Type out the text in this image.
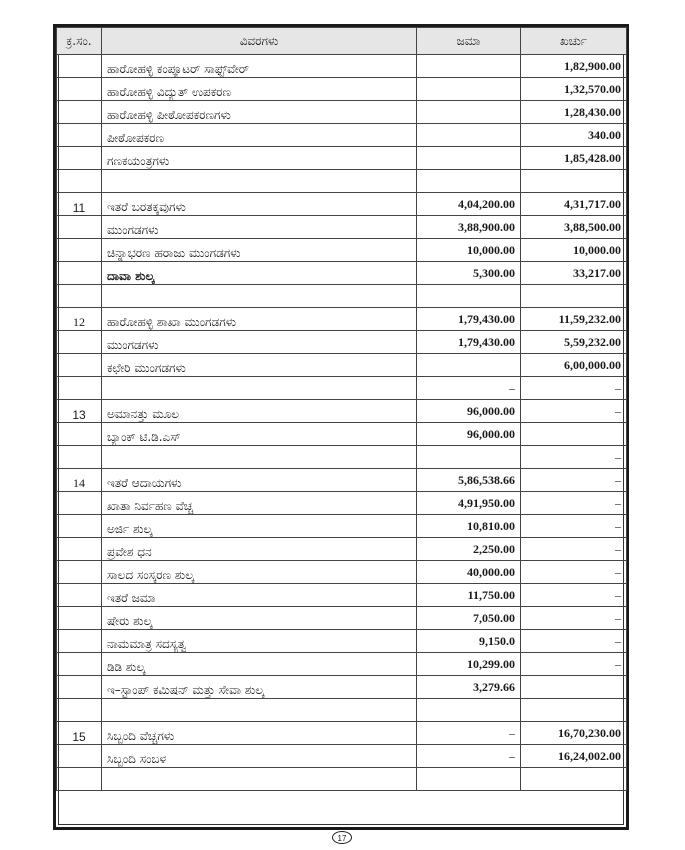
ಕ್ರ.ಸಂ.	ವಿವರಗಳು	ಜಮಾ	ಖರ್ಚು
	ಹಾರೋಹಳ್ಳಿ ಕಂಪ್ಯೂಟರ್ ಸಾಫ್ಟ್‌ವೇರ್		1,82,900.00
	ಹಾರೋಹಳ್ಳಿ ವಿದ್ಯುತ್ ಉಪಕರಣ		1,32,570.00
	ಹಾರೋಹಳ್ಳಿ ಪೀಠೋಪಕರಣಗಳು		1,28,430.00
	ಪೀಠೋಪಕರಣ		340.00
	ಗಣಕಯಂತ್ರಗಳು		1,85,428.00

11	ಇತರೆ ಬರತಕ್ಕವುಗಳು	4,04,200.00	4,31,717.00
	ಮುಂಗಡಗಳು	3,88,900.00	3,88,500.00
	ಚಿನ್ನಾಭರಣ ಹರಾಜು ಮುಂಗಡಗಳು	10,000.00	10,000.00
	ದಾವಾ ಶುಲ್ಕ	5,300.00	33,217.00

12	ಹಾರೋಹಳ್ಳಿ ಶಾಖಾ ಮುಂಗಡಗಳು	1,79,430.00	11,59,232.00
	ಮುಂಗಡಗಳು	1,79,430.00	5,59,232.00
	ಕಛೇರಿ ಮುಂಗಡಗಳು		6,00,000.00
		–	–
13	ಅಮಾನತ್ತು ಮೂಲ	96,000.00	–
	ಬ್ಯಾಂಕ್ ಟಿ.ಡಿ.ಎಸ್	96,000.00	
			–
14	ಇತರೆ ಆದಾಯಗಳು	5,86,538.66	–
	ಖಾತಾ ನಿರ್ವಹಣ ವೆಚ್ಚ	4,91,950.00	–
	ಅರ್ಜಿ ಶುಲ್ಕ	10,810.00	–
	ಪ್ರವೇಶ ಧನ	2,250.00	–
	ಸಾಲದ ಸಂಸ್ಕರಣ ಶುಲ್ಕ	40,000.00	–
	ಇತರೆ ಜಮಾ	11,750.00	–
	ಷೇರು ಶುಲ್ಕ	7,050.00	–
	ನಾಮಮಾತ್ರ ಸದಸ್ಯತ್ವ	9,150.0	–
	ಡಿಡಿ ಶುಲ್ಕ	10,299.00	–
	ಇ–ಸ್ಟಾಂಪ್ ಕಮಿಷನ್ ಮತ್ತು ಸೇವಾ ಶುಲ್ಕ	3,279.66	

15	ಸಿಬ್ಬಂದಿ ವೆಚ್ಚಗಳು	–	16,70,230.00
	ಸಿಬ್ಬಂದಿ ಸಂಬಳ	–	16,24,002.00

17
